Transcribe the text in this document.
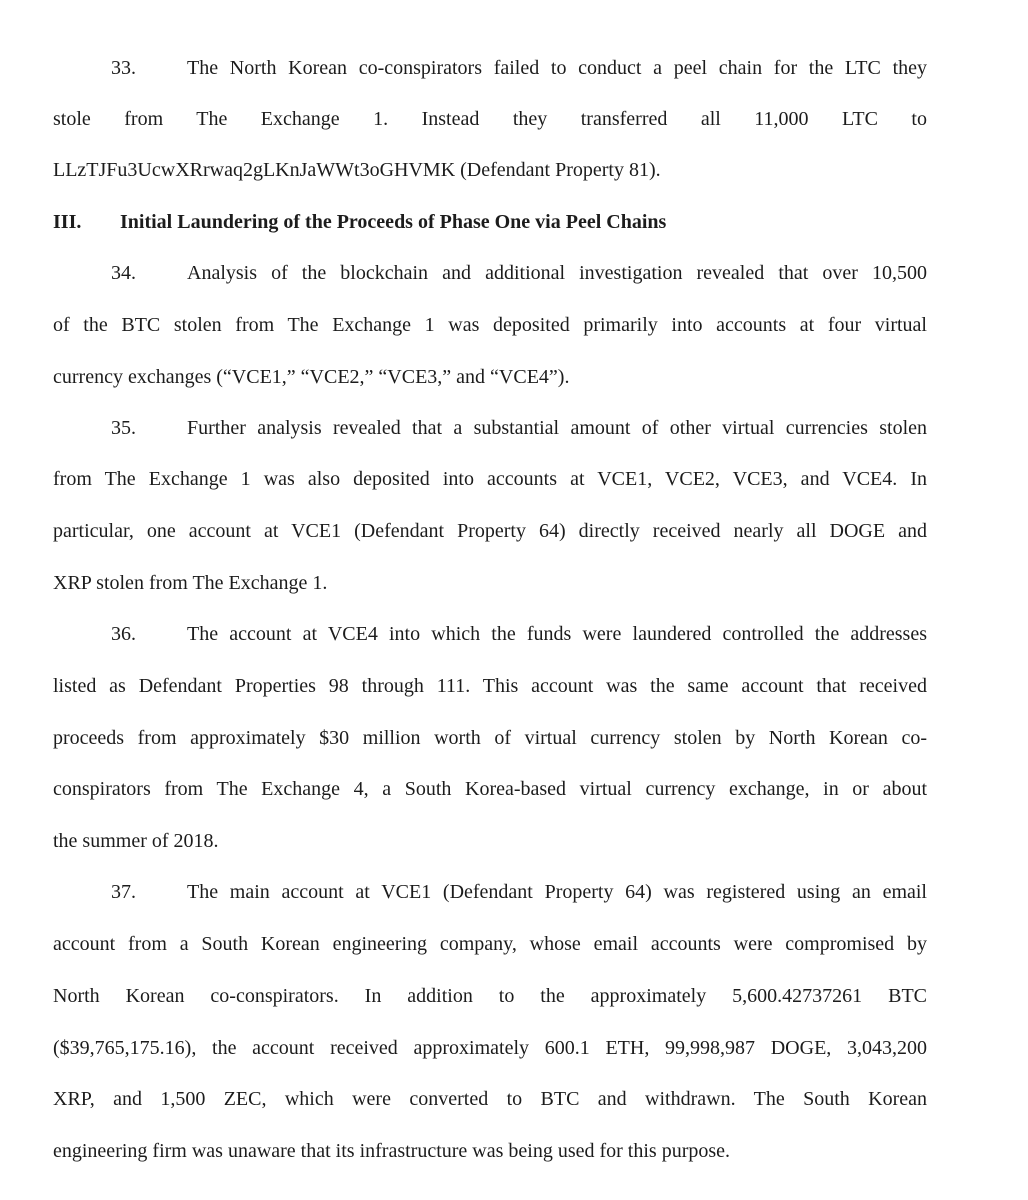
33.	The North Korean co-conspirators failed to conduct a peel chain for the LTC they
stole from The Exchange 1. Instead they transferred all 11,000 LTC to
LLzTJFu3UcwXRrwaq2gLKnJaWWt3oGHVMK (Defendant Property 81).
III. Initial Laundering of the Proceeds of Phase One via Peel Chains
34.	Analysis of the blockchain and additional investigation revealed that over 10,500
of the BTC stolen from The Exchange 1 was deposited primarily into accounts at four virtual
currency exchanges (“VCE1,” “VCE2,” “VCE3,” and “VCE4”).
35.	Further analysis revealed that a substantial amount of other virtual currencies stolen
from The Exchange 1 was also deposited into accounts at VCE1, VCE2, VCE3, and VCE4. In
particular, one account at VCE1 (Defendant Property 64) directly received nearly all DOGE and
XRP stolen from The Exchange 1.
36.	The account at VCE4 into which the funds were laundered controlled the addresses
listed as Defendant Properties 98 through 111. This account was the same account that received
proceeds from approximately $30 million worth of virtual currency stolen by North Korean co-
conspirators from The Exchange 4, a South Korea-based virtual currency exchange, in or about
the summer of 2018.
37.	The main account at VCE1 (Defendant Property 64) was registered using an email
account from a South Korean engineering company, whose email accounts were compromised by
North Korean co-conspirators. In addition to the approximately 5,600.42737261 BTC
($39,765,175.16), the account received approximately 600.1 ETH, 99,998,987 DOGE, 3,043,200
XRP, and 1,500 ZEC, which were converted to BTC and withdrawn. The South Korean
engineering firm was unaware that its infrastructure was being used for this purpose.
